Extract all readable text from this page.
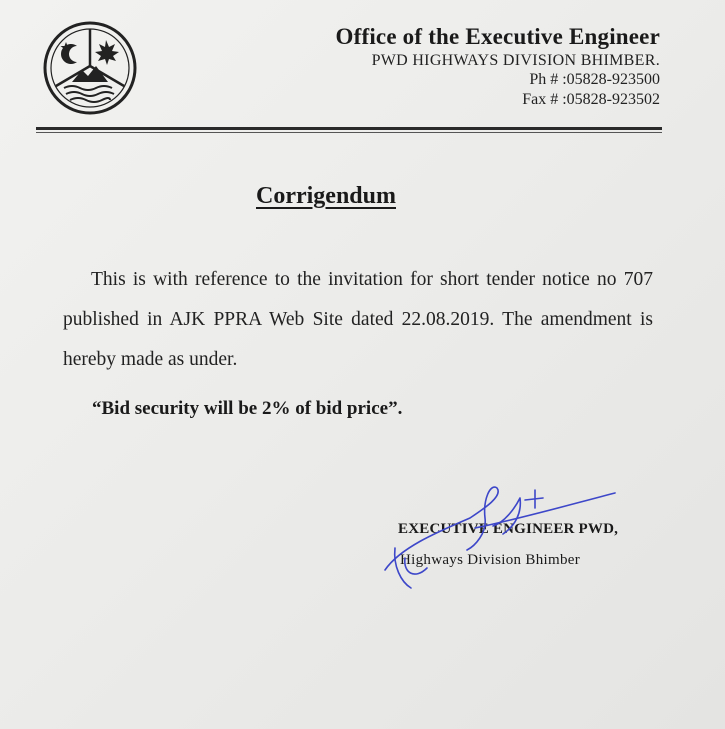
Office of the Executive Engineer
PWD HIGHWAYS DIVISION BHIMBER.
Ph # :05828-923500
Fax # :05828-923502
Corrigendum
This is with reference to the invitation for short tender notice no 707 published in AJK PPRA Web Site dated 22.08.2019. The amendment is hereby made as under.
“Bid security will be 2% of bid price”.
EXECUTIVE ENGINEER PWD,
Highways Division Bhimber
